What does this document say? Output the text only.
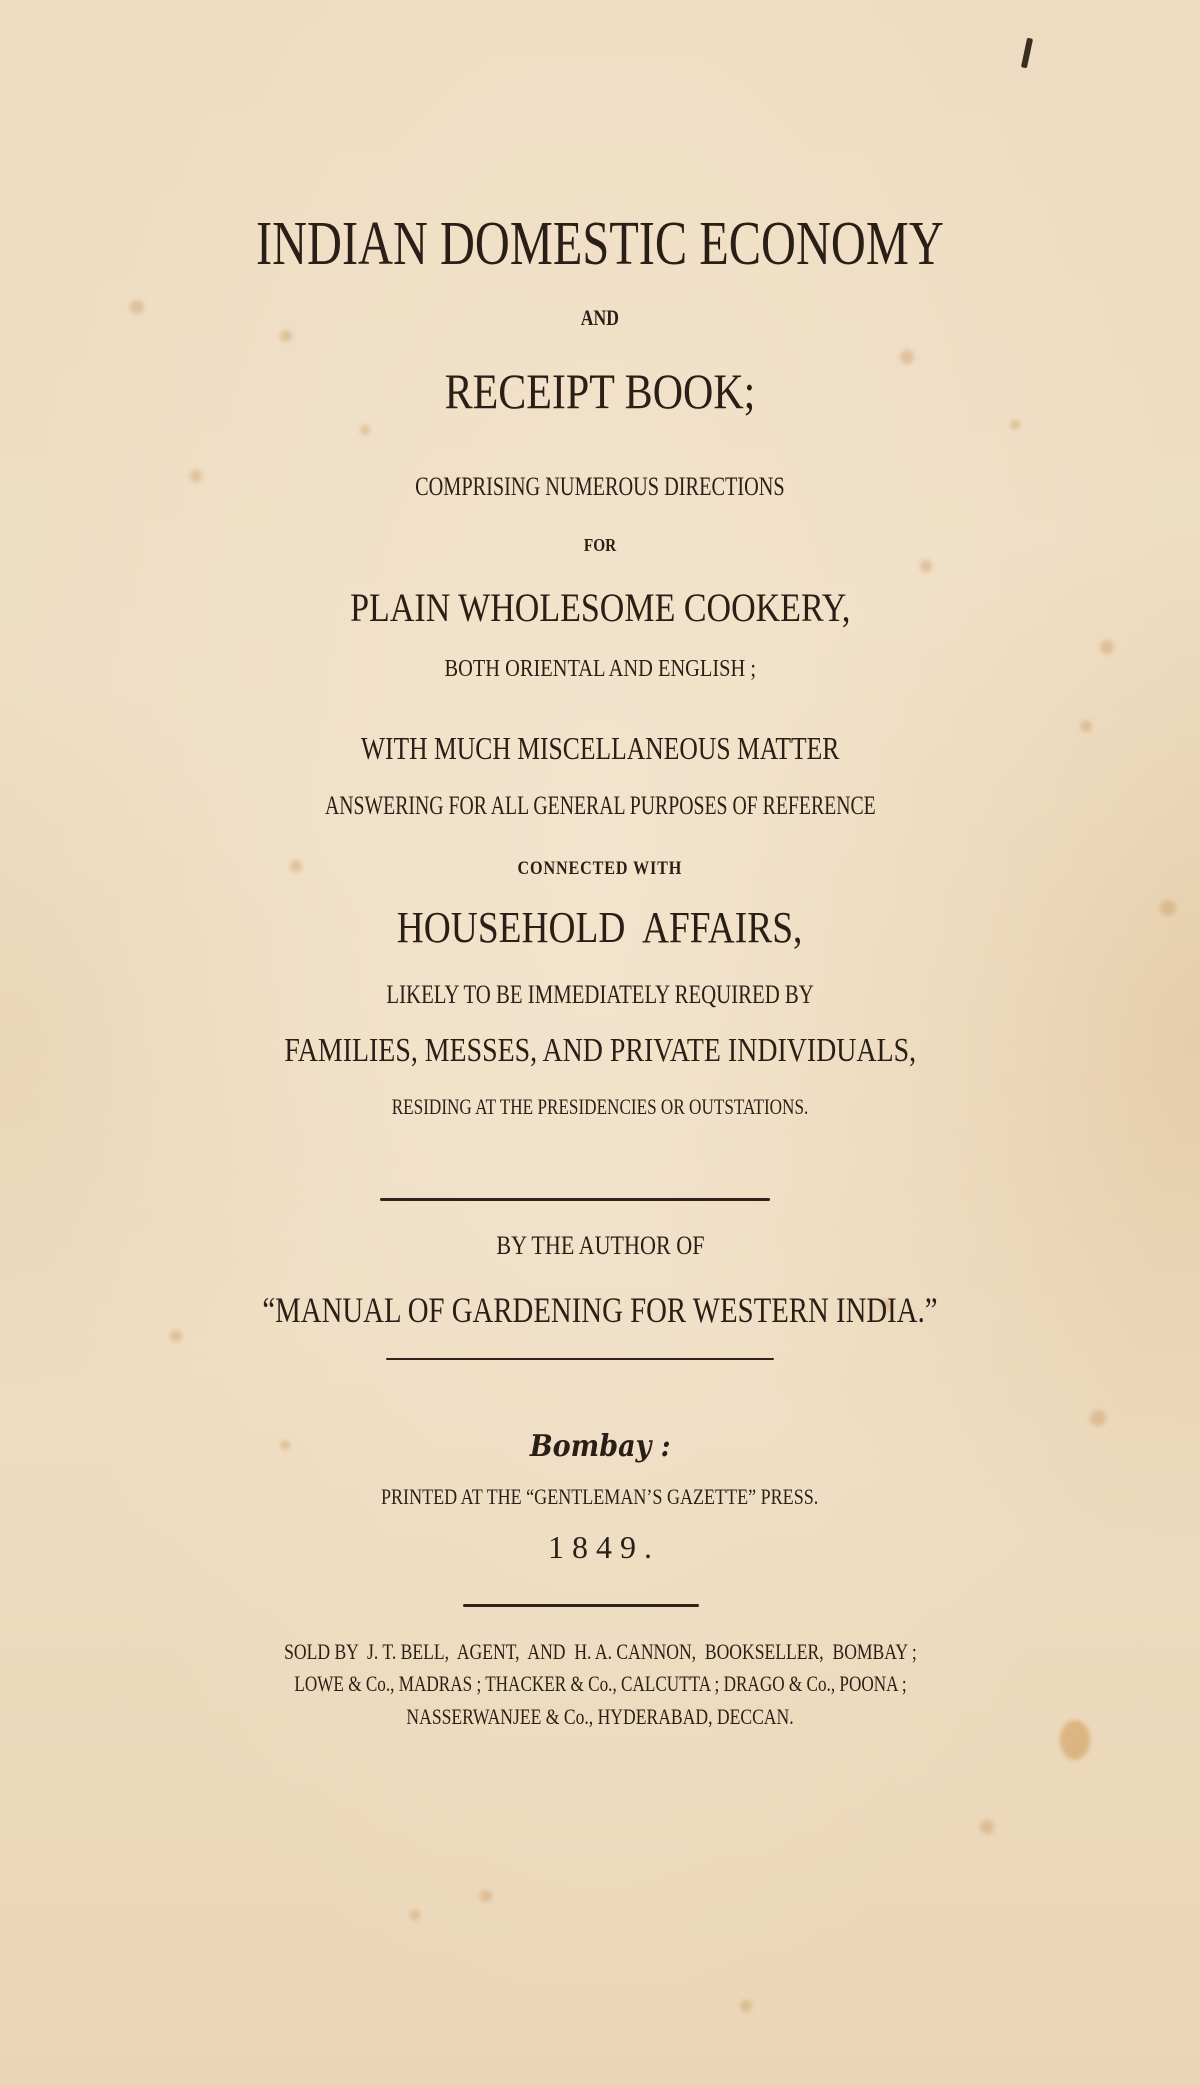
INDIAN DOMESTIC ECONOMY
AND
RECEIPT BOOK;
COMPRISING NUMEROUS DIRECTIONS
FOR
PLAIN WHOLESOME COOKERY,
BOTH ORIENTAL AND ENGLISH ;
WITH MUCH MISCELLANEOUS MATTER
ANSWERING FOR ALL GENERAL PURPOSES OF REFERENCE
CONNECTED WITH
HOUSEHOLD  AFFAIRS,
LIKELY TO BE IMMEDIATELY REQUIRED BY
FAMILIES, MESSES, AND PRIVATE INDIVIDUALS,
RESIDING AT THE PRESIDENCIES OR OUTSTATIONS.
BY THE AUTHOR OF
“MANUAL OF GARDENING FOR WESTERN INDIA.”
Bombay :
PRINTED AT THE “GENTLEMAN’S GAZETTE” PRESS.
1 8 4 9 .
SOLD BY  J. T. BELL,  AGENT,  AND  H. A. CANNON,  BOOKSELLER,  BOMBAY ;
LOWE & Co., MADRAS ; THACKER & Co., CALCUTTA ; DRAGO & Co., POONA ;
NASSERWANJEE & Co., HYDERABAD, DECCAN.
